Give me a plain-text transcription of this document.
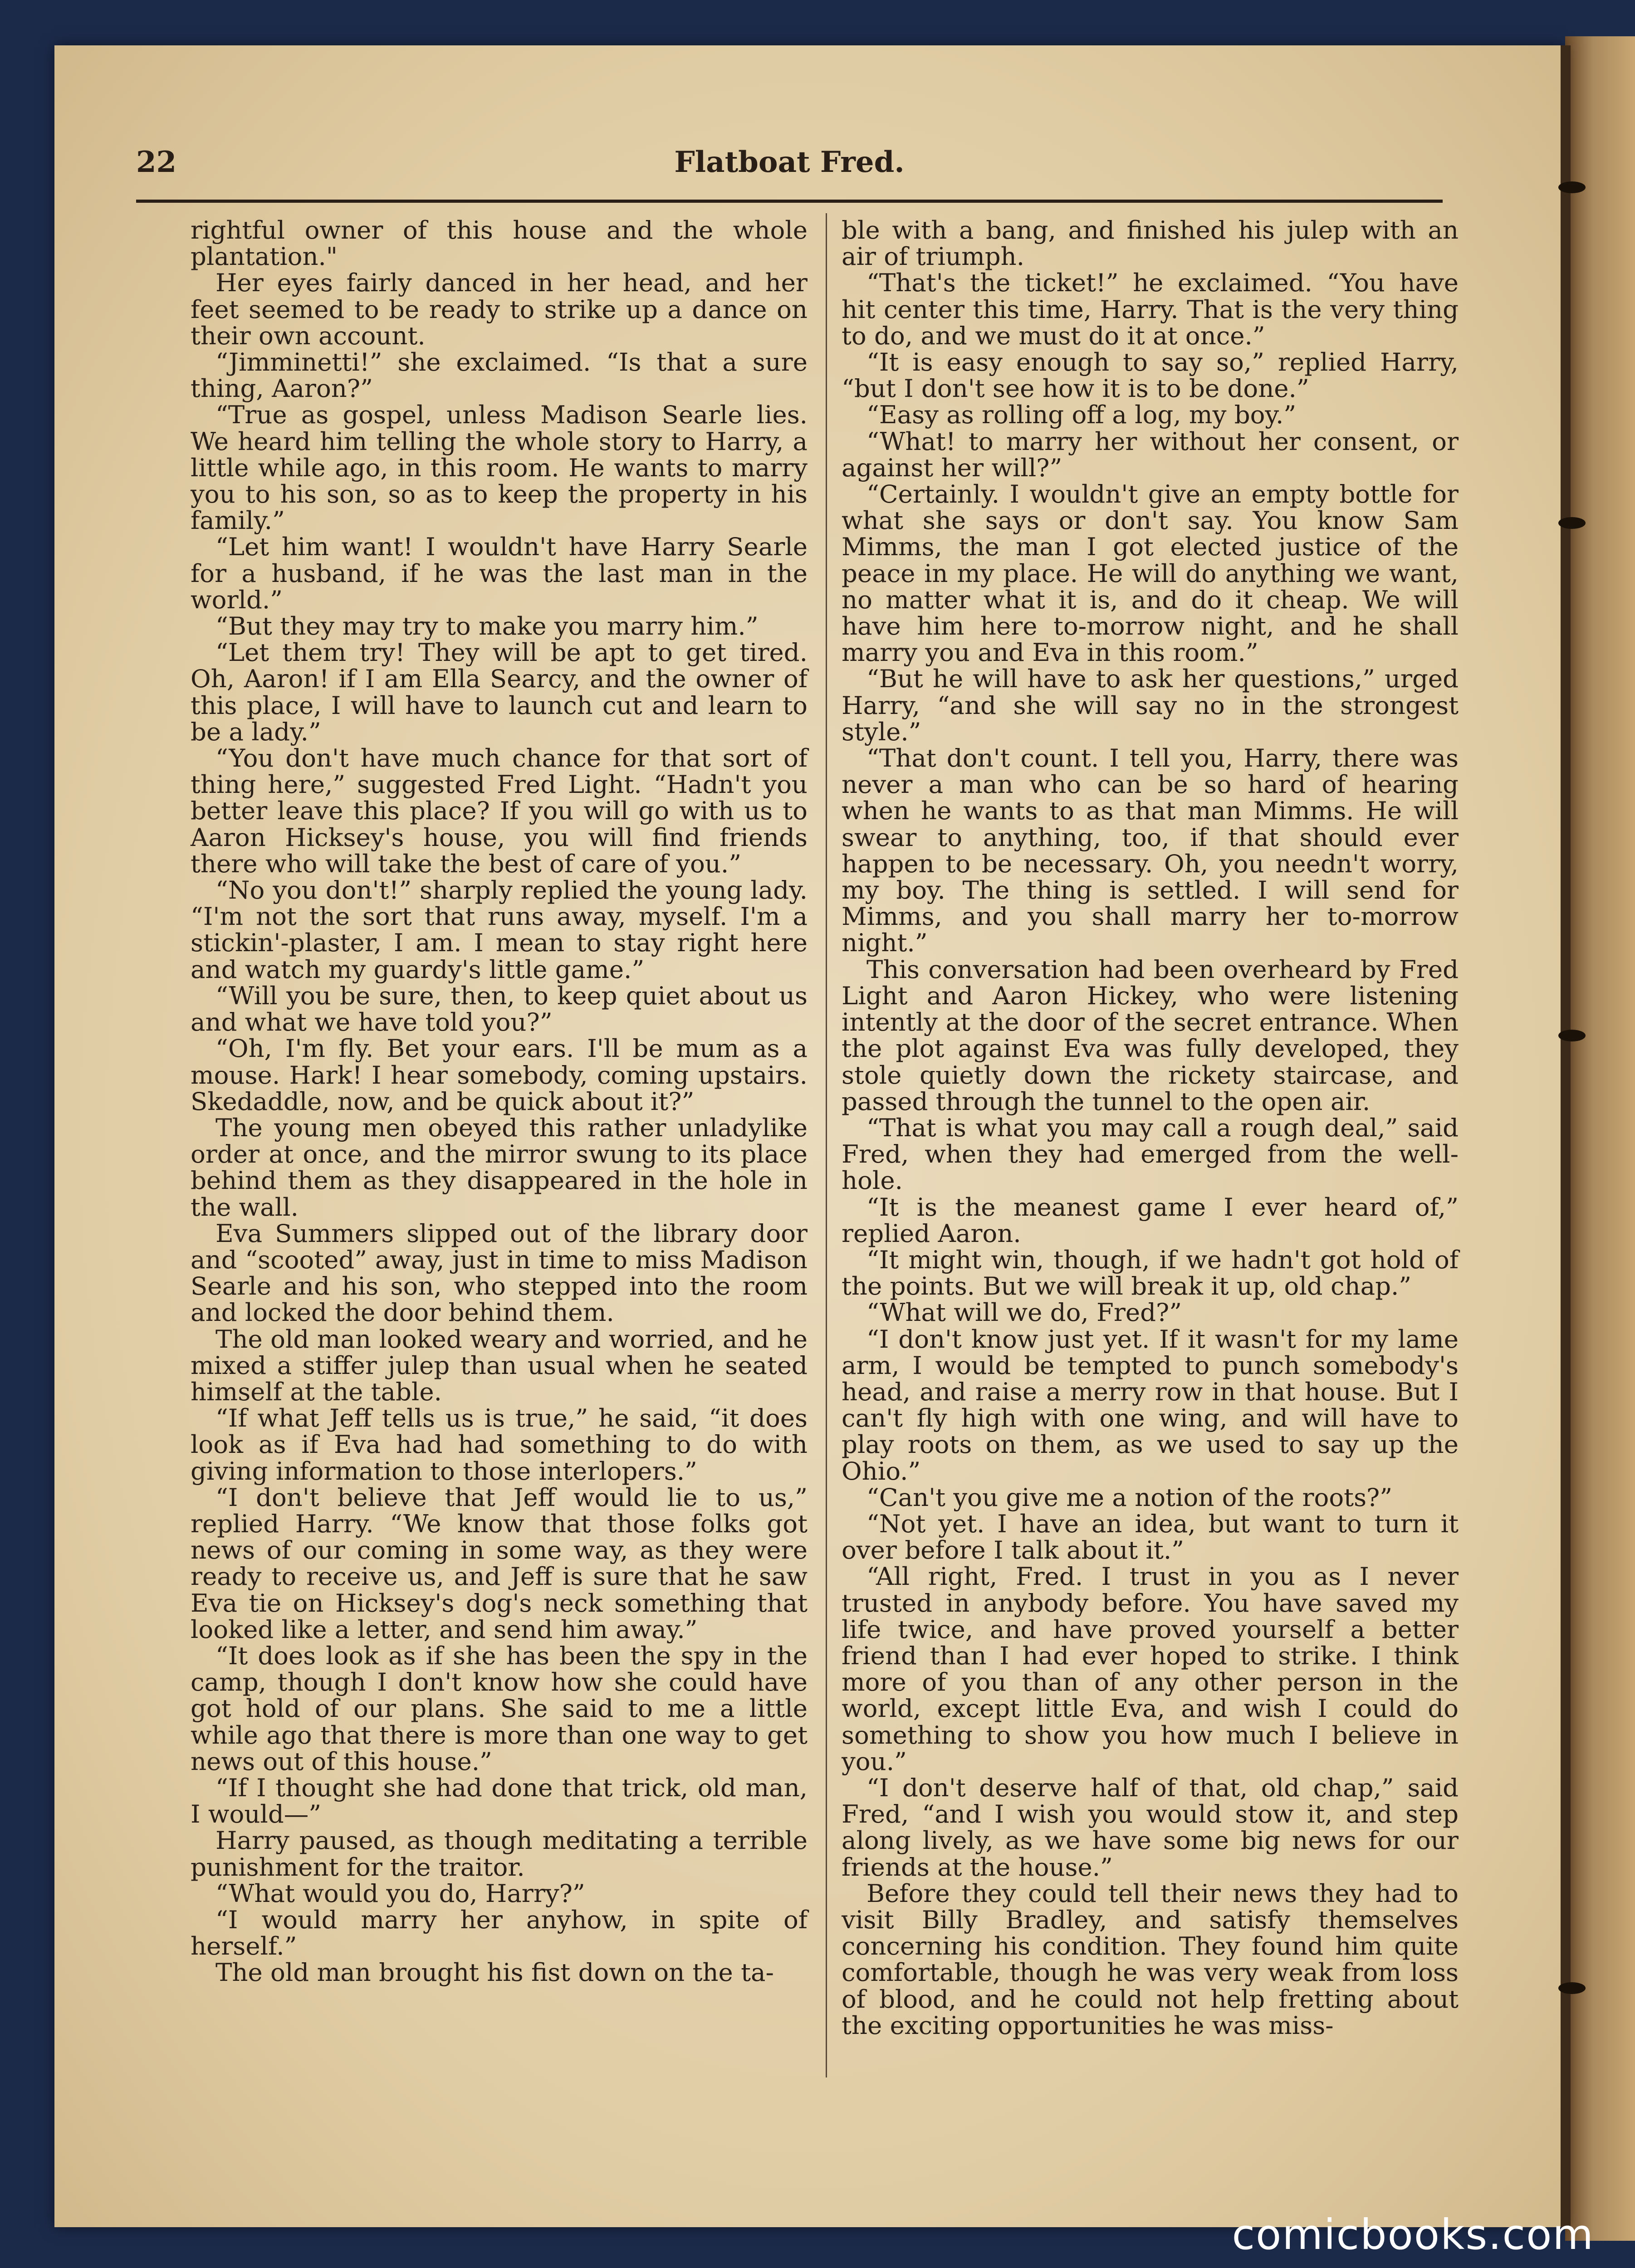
22	Flatboat Fred.

rightful owner of this house and the whole plantation."

Her eyes fairly danced in her head, and her feet seemed to be ready to strike up a dance on their own account.

“Jimminetti!” she exclaimed. “Is that a sure thing, Aaron?”

“True as gospel, unless Madison Searle lies. We heard him telling the whole story to Harry, a little while ago, in this room. He wants to marry you to his son, so as to keep the property in his family.”

“Let him want! I wouldn't have Harry Searle for a husband, if he was the last man in the world.”

“But they may try to make you marry him.”

“Let them try! They will be apt to get tired. Oh, Aaron! if I am Ella Searcy, and the owner of this place, I will have to launch cut and learn to be a lady.”

“You don't have much chance for that sort of thing here,” suggested Fred Light. “Hadn't you better leave this place? If you will go with us to Aaron Hicksey's house, you will find friends there who will take the best of care of you.”

“No you don't!” sharply replied the young lady. “I'm not the sort that runs away, myself. I'm a stickin'-plaster, I am. I mean to stay right here and watch my guardy's little game.”

“Will you be sure, then, to keep quiet about us and what we have told you?”

“Oh, I'm fly. Bet your ears. I'll be mum as a mouse. Hark! I hear somebody, coming upstairs. Skedaddle, now, and be quick about it?”

The young men obeyed this rather unladylike order at once, and the mirror swung to its place behind them as they disappeared in the hole in the wall.

Eva Summers slipped out of the library door and “scooted” away, just in time to miss Madison Searle and his son, who stepped into the room and locked the door behind them.

The old man looked weary and worried, and he mixed a stiffer julep than usual when he seated himself at the table.

“If what Jeff tells us is true,” he said, “it does look as if Eva had had something to do with giving information to those interlopers.”

“I don't believe that Jeff would lie to us,” replied Harry. “We know that those folks got news of our coming in some way, as they were ready to receive us, and Jeff is sure that he saw Eva tie on Hicksey's dog's neck something that looked like a letter, and send him away.”

“It does look as if she has been the spy in the camp, though I don't know how she could have got hold of our plans. She said to me a little while ago that there is more than one way to get news out of this house.”

“If I thought she had done that trick, old man, I would—”

Harry paused, as though meditating a terrible punishment for the traitor.

“What would you do, Harry?”

“I would marry her anyhow, in spite of herself.”

The old man brought his fist down on the ta-

ble with a bang, and finished his julep with an air of triumph.

“That's the ticket!” he exclaimed. “You have hit center this time, Harry. That is the very thing to do, and we must do it at once.”

“It is easy enough to say so,” replied Harry, “but I don't see how it is to be done.”

“Easy as rolling off a log, my boy.”

“What! to marry her without her consent, or against her will?”

“Certainly. I wouldn't give an empty bottle for what she says or don't say. You know Sam Mimms, the man I got elected justice of the peace in my place. He will do anything we want, no matter what it is, and do it cheap. We will have him here to-morrow night, and he shall marry you and Eva in this room.”

“But he will have to ask her questions,” urged Harry, “and she will say no in the strongest style.”

“That don't count. I tell you, Harry, there was never a man who can be so hard of hearing when he wants to as that man Mimms. He will swear to anything, too, if that should ever happen to be necessary. Oh, you needn't worry, my boy. The thing is settled. I will send for Mimms, and you shall marry her to-morrow night.”

This conversation had been overheard by Fred Light and Aaron Hickey, who were listening intently at the door of the secret entrance. When the plot against Eva was fully developed, they stole quietly down the rickety staircase, and passed through the tunnel to the open air.

“That is what you may call a rough deal,” said Fred, when they had emerged from the well-hole.

“It is the meanest game I ever heard of,” replied Aaron.

“It might win, though, if we hadn't got hold of the points. But we will break it up, old chap.”

“What will we do, Fred?”

“I don't know just yet. If it wasn't for my lame arm, I would be tempted to punch somebody's head, and raise a merry row in that house. But I can't fly high with one wing, and will have to play roots on them, as we used to say up the Ohio.”

“Can't you give me a notion of the roots?”

“Not yet. I have an idea, but want to turn it over before I talk about it.”

“All right, Fred. I trust in you as I never trusted in anybody before. You have saved my life twice, and have proved yourself a better friend than I had ever hoped to strike. I think more of you than of any other person in the world, except little Eva, and wish I could do something to show you how much I believe in you.”

“I don't deserve half of that, old chap,” said Fred, “and I wish you would stow it, and step along lively, as we have some big news for our friends at the house.”

Before they could tell their news they had to visit Billy Bradley, and satisfy themselves concerning his condition. They found him quite comfortable, though he was very weak from loss of blood, and he could not help fretting about the exciting opportunities he was miss-

comicbooks.com
